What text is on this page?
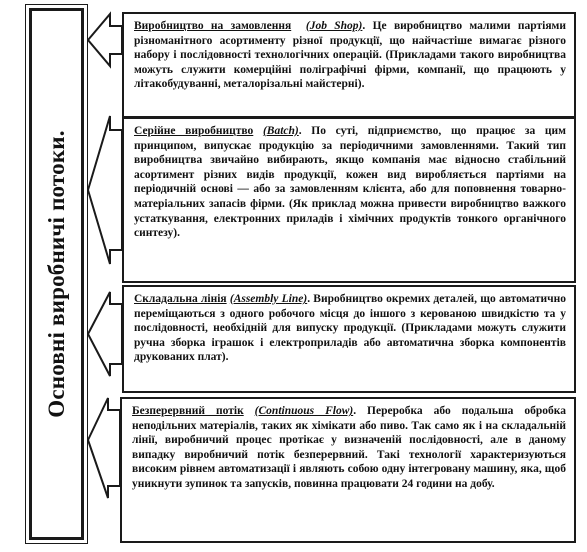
Основні виробничі потоки.

Виробництво на замовлення (Job Shop). Це виробництво малими партіями різноманітного асортименту різної продукції, що найчастіше вимагає різного набору і послідовності технологічних операцій. (Прикладами такого виробництва можуть служити комерційні поліграфічні фірми, компанії, що працюють у літакобудуванні, металорізальні майстерні).

Серійне виробництво (Batch). По суті, підприємство, що працює за цим принципом, випускає продукцію за періодичними замовленнями. Такий тип виробництва звичайно вибирають, якщо компанія має відносно стабільний асортимент різних видів продукції, кожен вид виробляється партіями на періодичній основі — або за замовленням клієнта, або для поповнення товарно-матеріальних запасів фірми. (Як приклад можна привести виробництво важкого устаткування, електронних приладів і хімічних продуктів тонкого органічного синтезу).

Складальна лінія (Assembly Line). Виробництво окремих деталей, що автоматично переміщаються з одного робочого місця до іншого з керованою швидкістю та у послідовності, необхідній для випуску продукції. (Прикладами можуть служити ручна зборка іграшок і електроприладів або автоматична зборка компонентів друкованих плат).

Безперервний потік (Continuous Flow). Переробка або подальша обробка неподільних матеріалів, таких як хімікати або пиво. Так само як і на складальній лінії, виробничий процес протікає у визначеній послідовності, але в даному випадку виробничий потік безперервний. Такі технології характеризуються високим рівнем автоматизації і являють собою одну інтегровану машину, яка, щоб уникнути зупинок та запусків, повинна працювати 24 години на добу.
